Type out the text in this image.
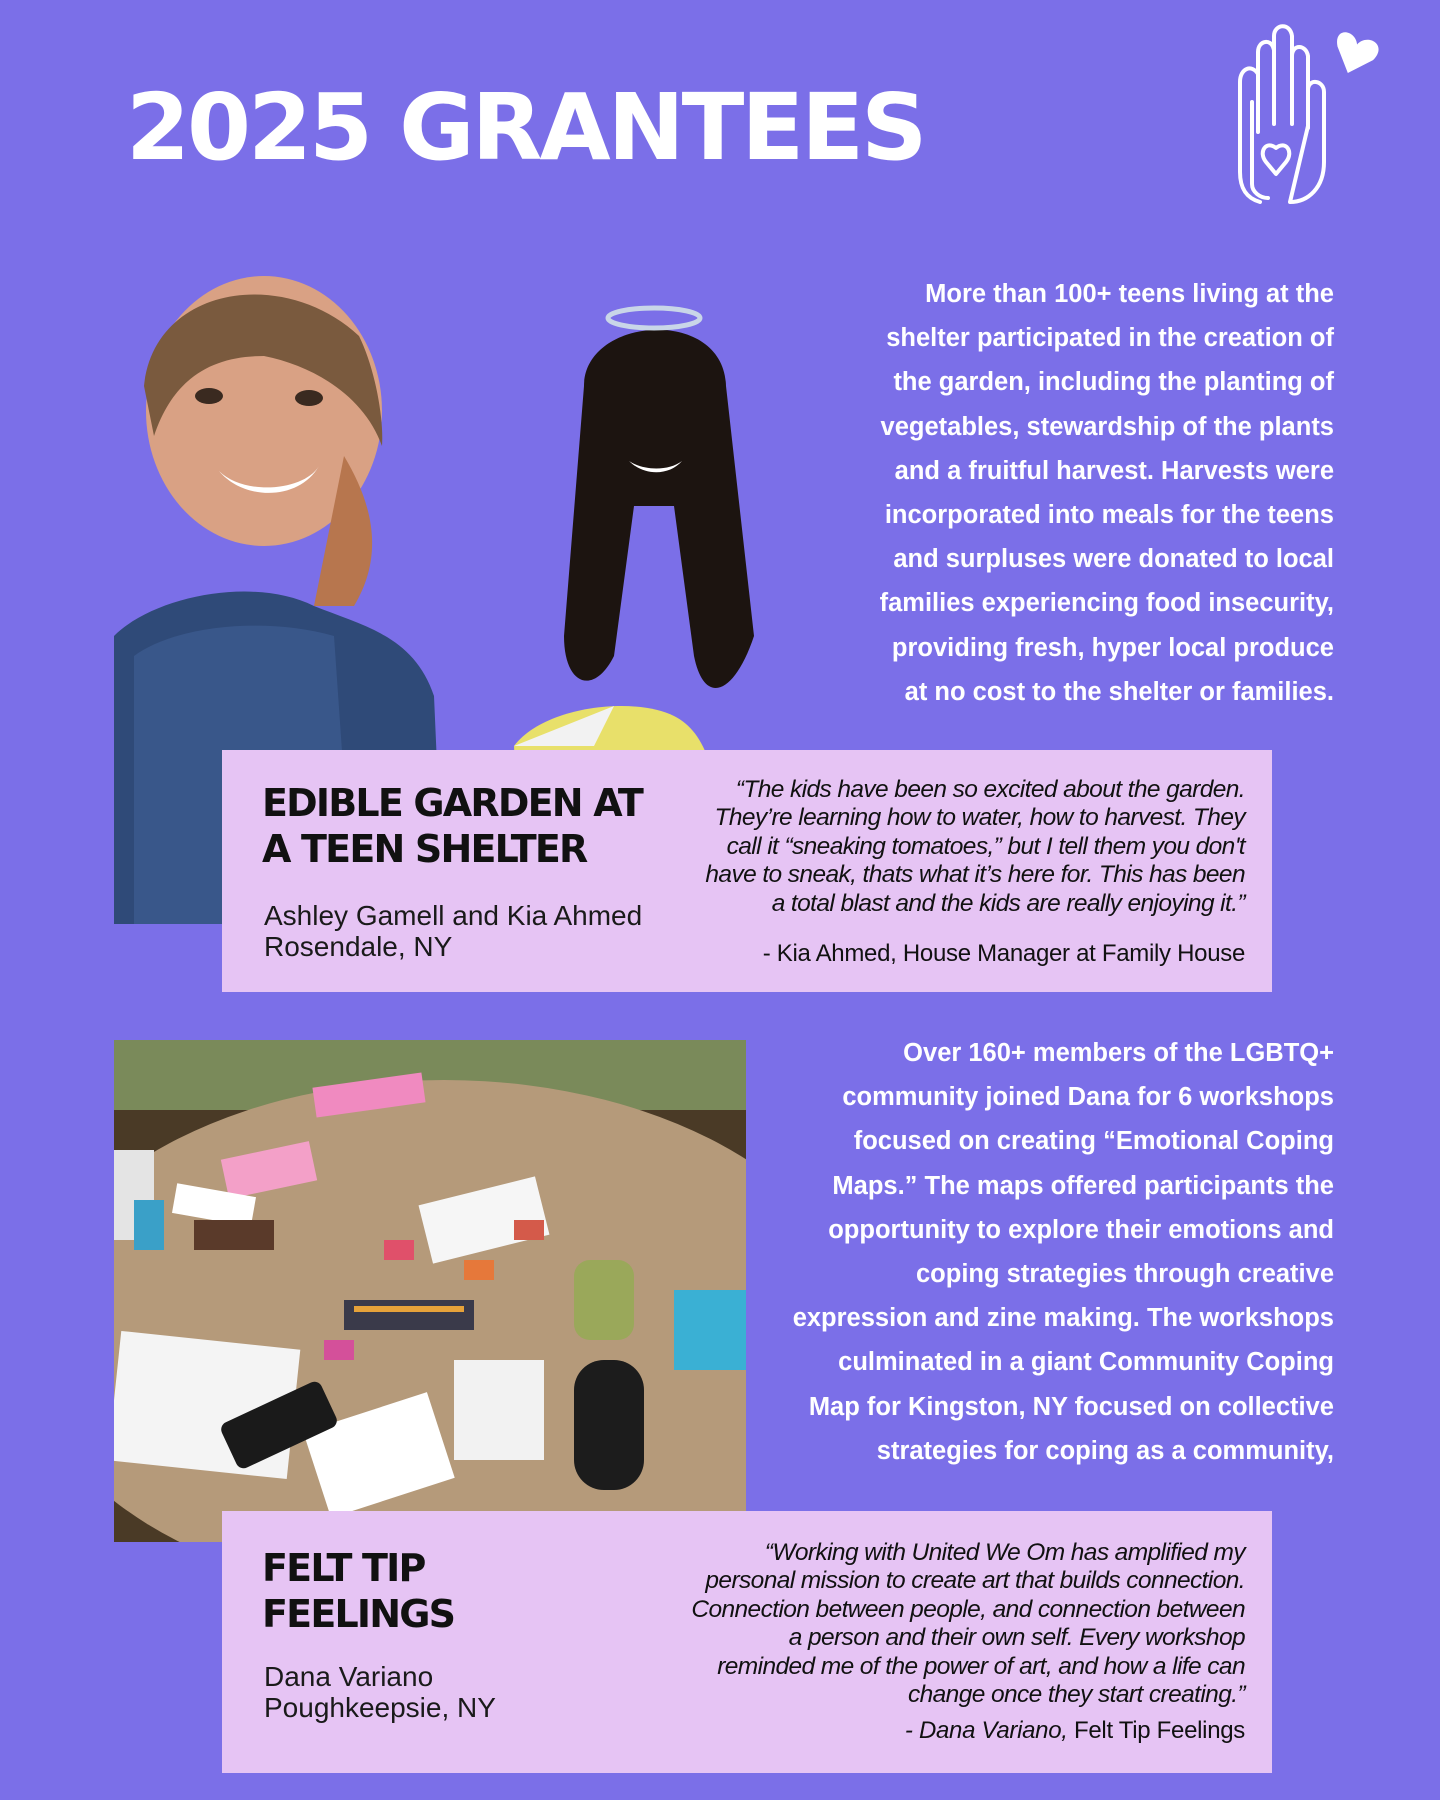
2025 GRANTEES
More than 100+ teens living at the
shelter participated in the creation of
the garden, including the planting of
vegetables, stewardship of the plants
and a fruitful harvest. Harvests were
incorporated into meals for the teens
and surpluses were donated to local
families experiencing food insecurity,
providing fresh, hyper local produce
at no cost to the shelter or families.
EDIBLE GARDEN AT
A TEEN SHELTER
Ashley Gamell and Kia Ahmed
Rosendale, NY
“The kids have been so excited about the garden.
They’re learning how to water, how to harvest. They
call it “sneaking tomatoes,” but I tell them you don't
have to sneak, thats what it’s here for. This has been
a total blast and the kids are really enjoying it.”
- Kia Ahmed, House Manager at Family House
Over 160+ members of the LGBTQ+
community joined Dana for 6 workshops
focused on creating “Emotional Coping
Maps.” The maps offered participants the
opportunity to explore their emotions and
coping strategies through creative
expression and zine making. The workshops
culminated in a giant Community Coping
Map for Kingston, NY focused on collective
strategies for coping as a community,
FELT TIP
FEELINGS
Dana Variano
Poughkeepsie, NY
“Working with United We Om has amplified my
personal mission to create art that builds connection.
Connection between people, and connection between
a person and their own self. Every workshop
reminded me of the power of art, and how a life can
change once they start creating.”
- Dana Variano, Felt Tip Feelings
